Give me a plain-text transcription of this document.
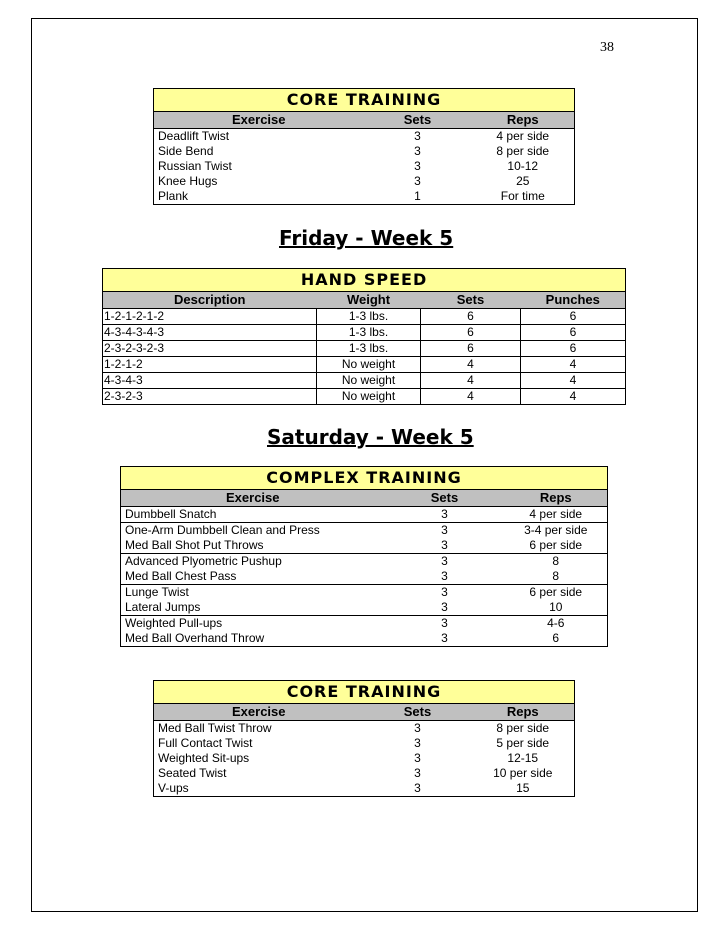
38
CORE TRAINING		
Exercise	Sets	Reps
Deadlift Twist	3	4 per side
Side Bend	3	8 per side
Russian Twist	3	10-12
Knee Hugs	3	25
Plank	1	For time
Friday - Week 5
HAND SPEED			
Description	Weight	Sets	Punches
1-2-1-2-1-2	1-3 lbs.	6	6
4-3-4-3-4-3	1-3 lbs.	6	6
2-3-2-3-2-3	1-3 lbs.	6	6
1-2-1-2	No weight	4	4
4-3-4-3	No weight	4	4
2-3-2-3	No weight	4	4
Saturday - Week 5
COMPLEX TRAINING		
Exercise	Sets	Reps
Dumbbell Snatch	3	4 per side
One-Arm Dumbbell Clean and Press	3	3-4 per side
Med Ball Shot Put Throws	3	6 per side
Advanced Plyometric Pushup	3	8
Med Ball Chest Pass	3	8
Lunge Twist	3	6 per side
Lateral Jumps	3	10
Weighted Pull-ups	3	4-6
Med Ball Overhand Throw	3	6
CORE TRAINING		
Exercise	Sets	Reps
Med Ball Twist Throw	3	8 per side
Full Contact Twist	3	5 per side
Weighted Sit-ups	3	12-15
Seated Twist	3	10 per side
V-ups	3	15
